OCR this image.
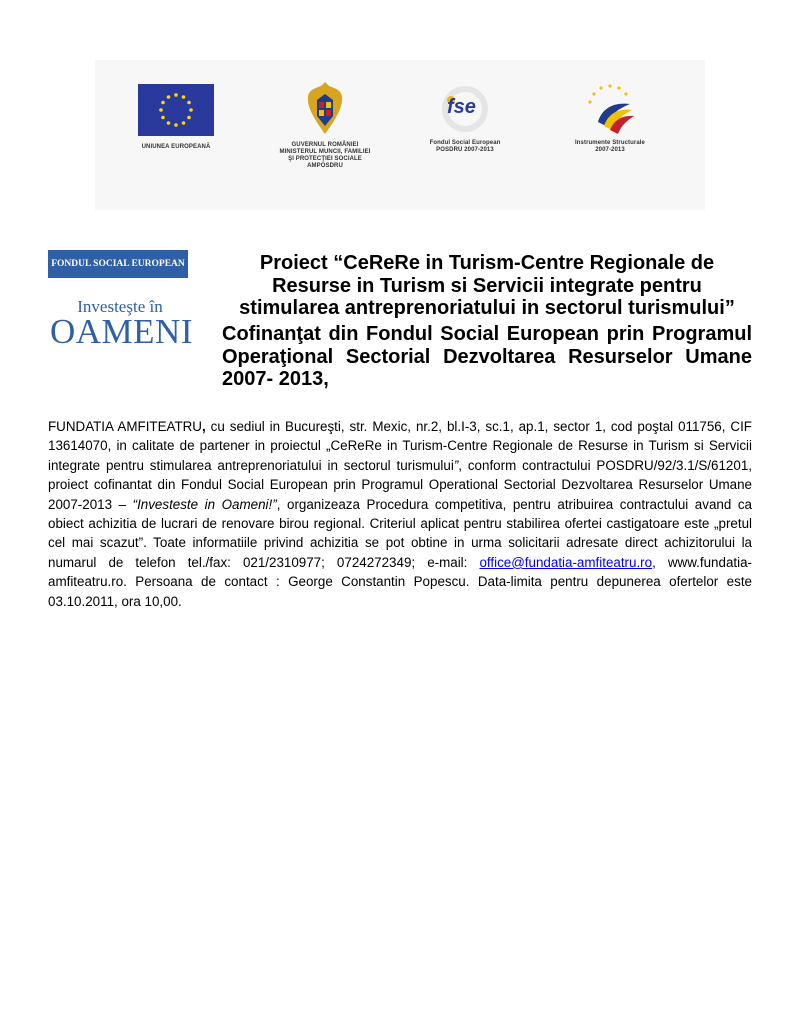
UNIUNEA EUROPEANĂ	GUVERNUL ROMÂNIEI
MINISTERUL MUNCII, FAMILIEI
ŞI PROTECŢIEI SOCIALE
AMPOSDRU
fse
Fondul Social European
POSDRU 2007-2013
Instrumente Structurale
2007-2013
FONDUL SOCIAL EUROPEAN
Investeşte în
OAMENI
Proiect “CeReRe in Turism-Centre Regionale de Resurse in Turism si Servicii integrate pentru stimularea antreprenoriatului in sectorul turismului”
Cofinanţat din Fondul Social European prin Programul Operaţional Sectorial Dezvoltarea Resurselor Umane 2007- 2013,
FUNDATIA AMFITEATRU, cu sediul in Bucureşti, str. Mexic, nr.2, bl.I-3, sc.1, ap.1, sector 1, cod poştal 011756, CIF 13614070, in calitate de partener in proiectul „CeReRe in Turism-Centre Regionale de Resurse in Turism si Servicii integrate pentru stimularea antreprenoriatului in sectorul turismului”, conform contractului POSDRU/92/3.1/S/61201, proiect cofinantat din Fondul Social European prin Programul Operational Sectorial Dezvoltarea Resurselor Umane 2007-2013 – “Investeste in Oameni!”, organizeaza Procedura competitiva, pentru atribuirea contractului avand ca obiect achizitia de lucrari de renovare birou regional. Criteriul aplicat pentru stabilirea ofertei castigatoare este „pretul cel mai scazut”. Toate informatiile privind achizitia se pot obtine in urma solicitarii adresate direct achizitorului la numarul de telefon tel./fax: 021/2310977; 0724272349; e-mail: office@fundatia-amfiteatru.ro, www.fundatia-amfiteatru.ro. Persoana de contact : George Constantin Popescu. Data-limita pentru depunerea ofertelor este 03.10.2011, ora 10,00.
